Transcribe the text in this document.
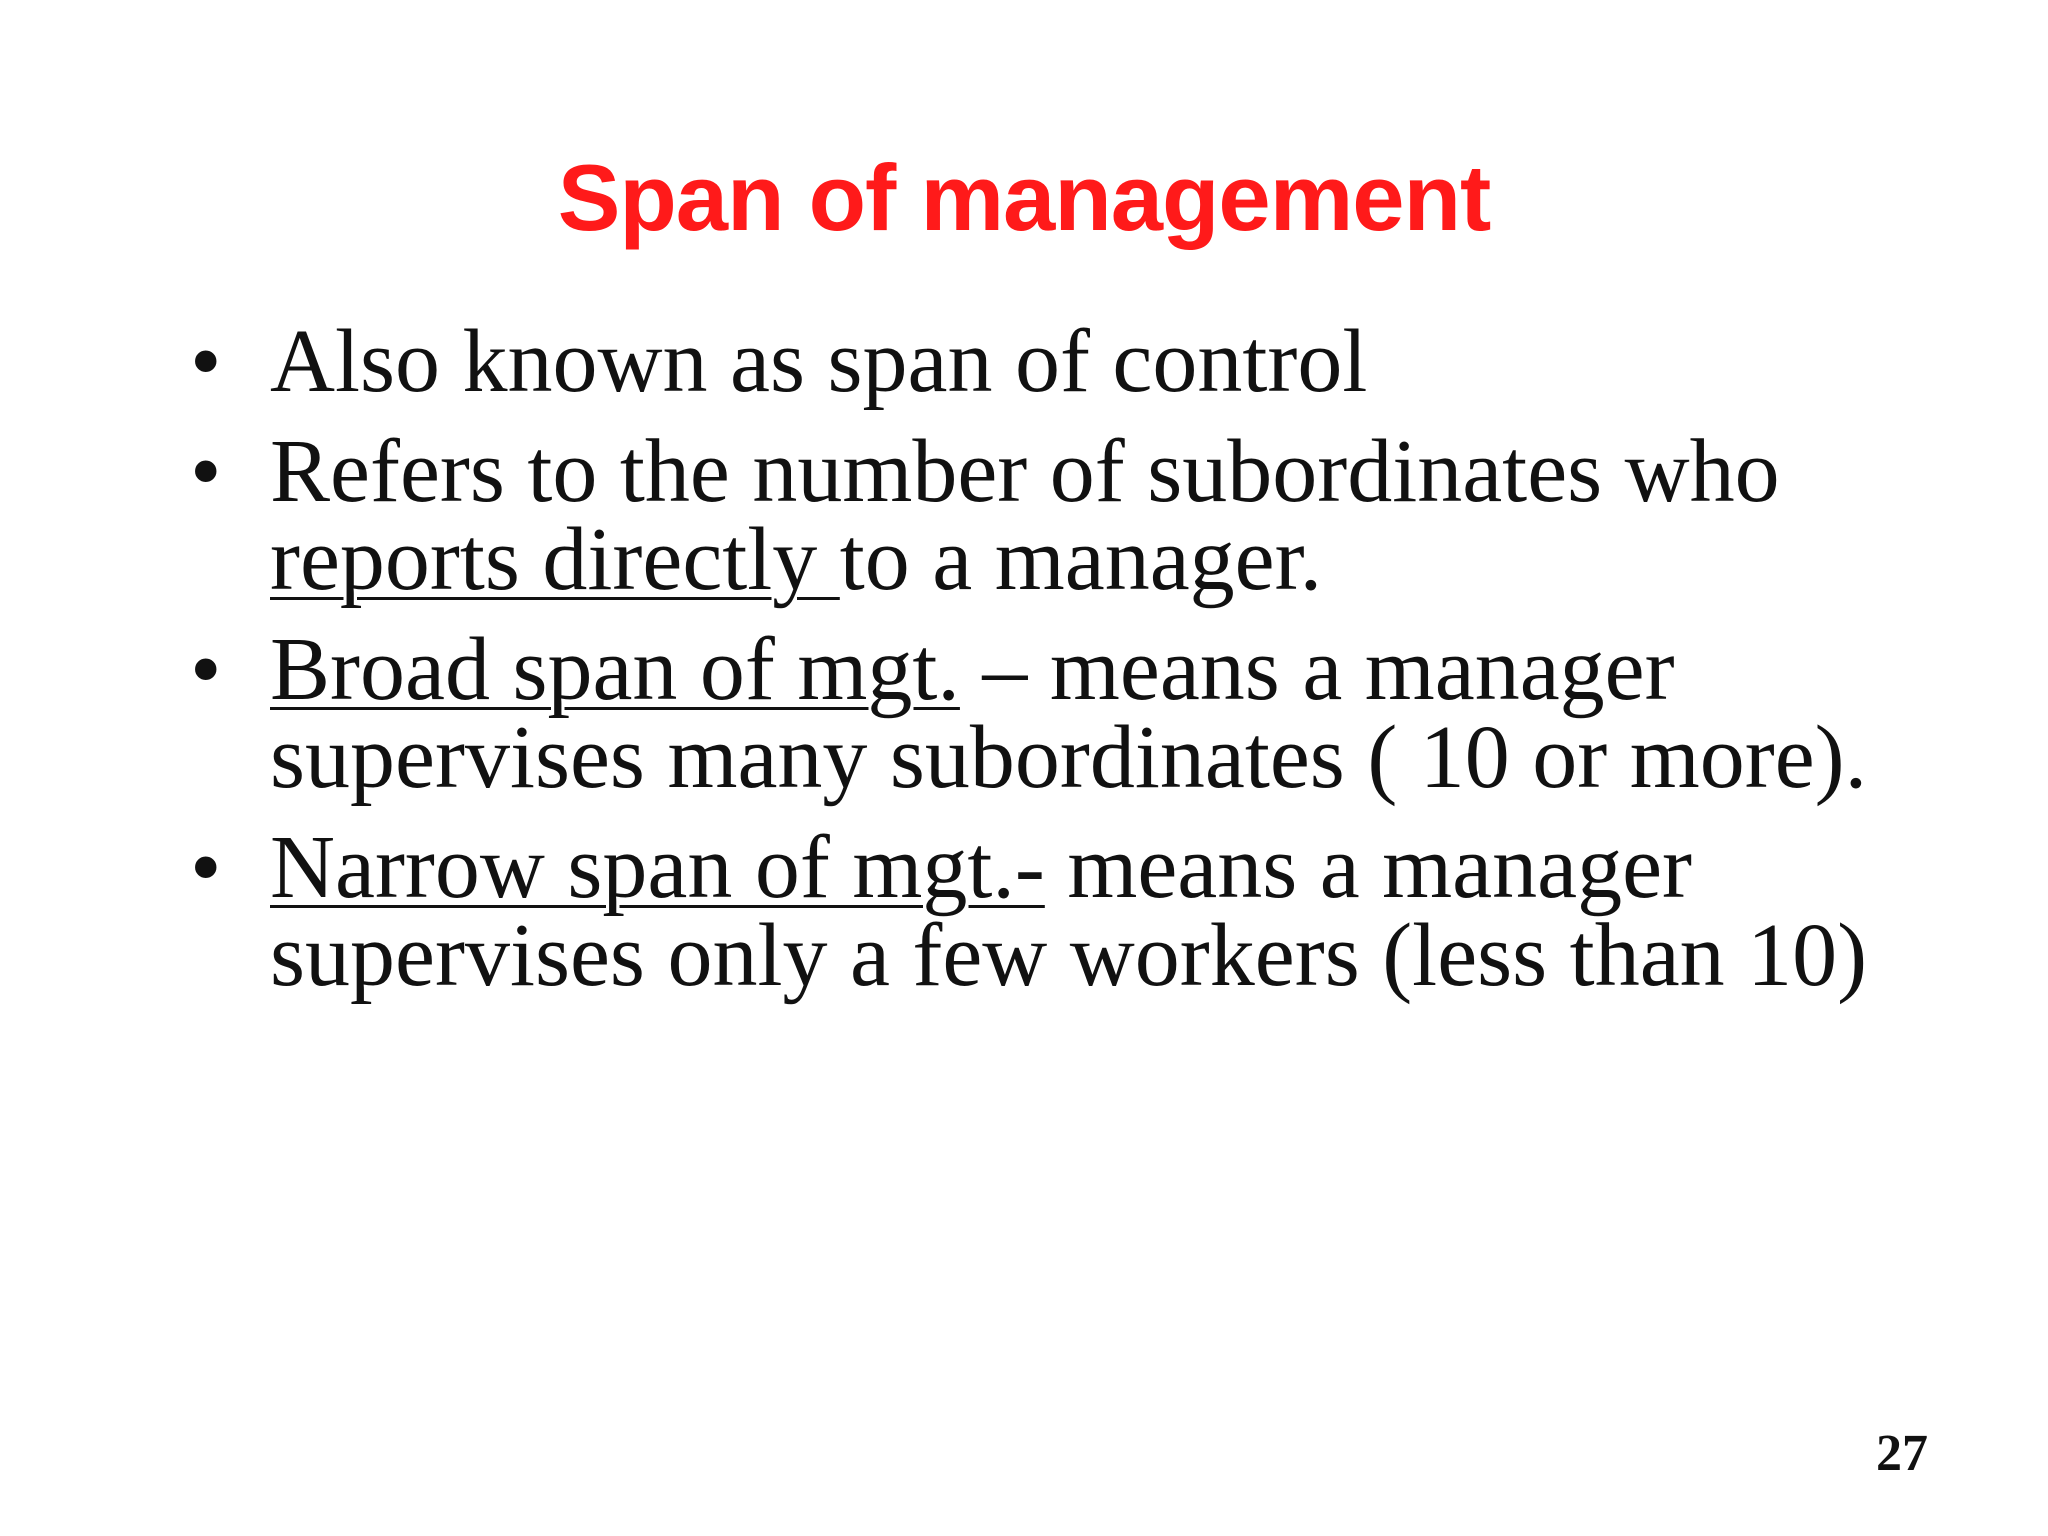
Span of management
• Also known as span of control
• Refers to the number of subordinates who reports directly to a manager.
• Broad span of mgt. – means a manager supervises many subordinates ( 10 or more).
• Narrow span of mgt.- means a manager supervises only a few workers (less than 10)
27
